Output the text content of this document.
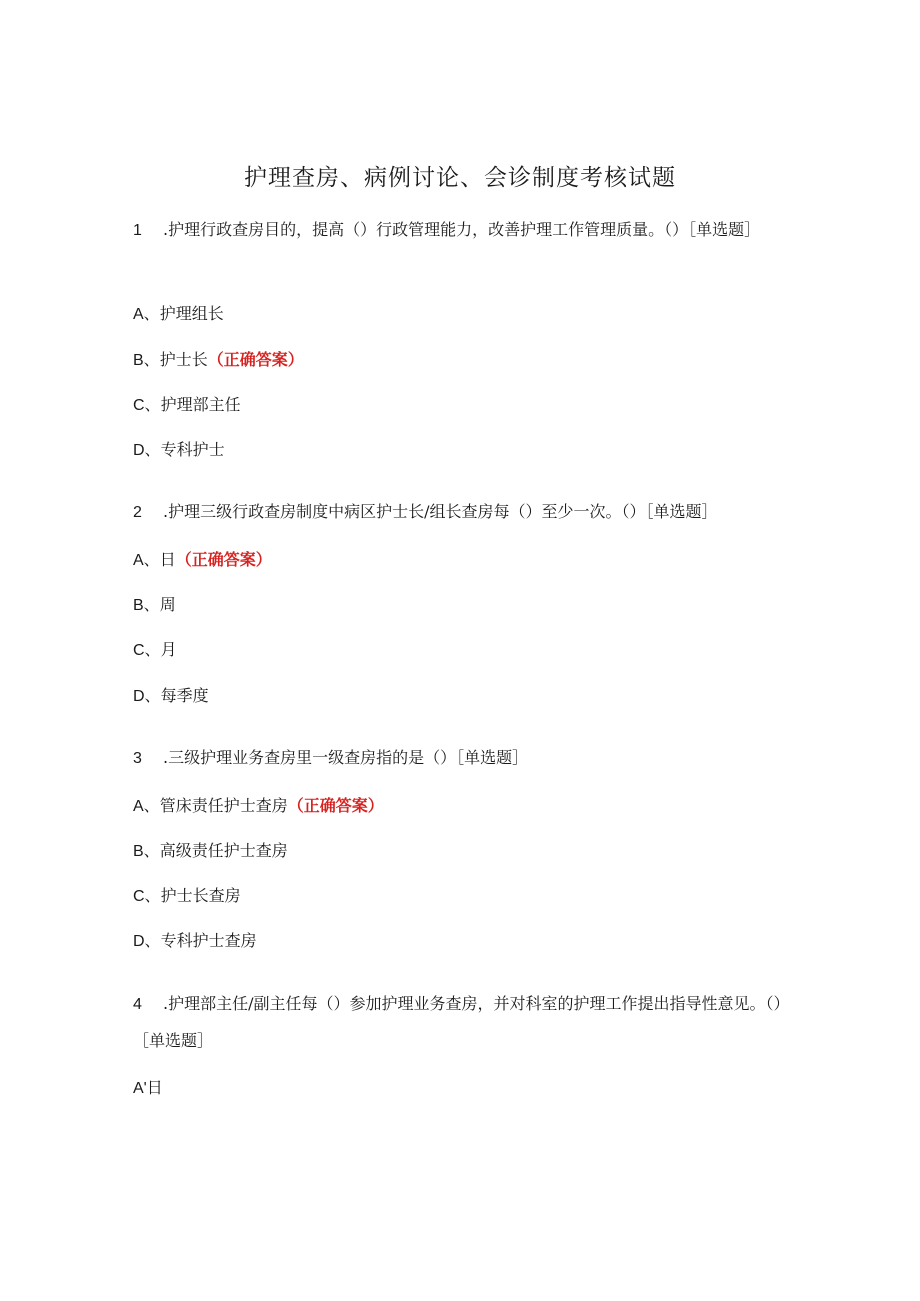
护理查房、病例讨论、会诊制度考核试题
1 .护理行政查房目的，提高（）行政管理能力，改善护理工作管理质量。（）［单选题］
A、护理组长
B、护士长（正确答案）
C、护理部主任
D、专科护士
2 .护理三级行政查房制度中病区护士长/组长查房每（）至少一次。（）［单选题］
A、日（正确答案）
B、周
C、月
D、每季度
3 .三级护理业务查房里一级查房指的是（）［单选题］
A、管床责任护士查房（正确答案）
B、高级责任护士查房
C、护士长查房
D、专科护士查房
4 .护理部主任/副主任每（）参加护理业务查房，并对科室的护理工作提出指导性意见。（）［单选题］
A'日
